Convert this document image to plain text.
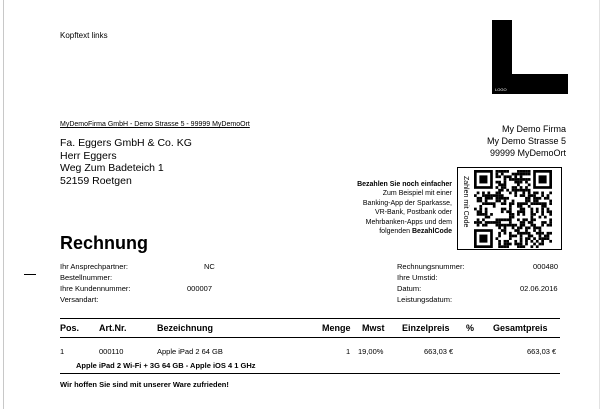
Kopftext links
LOGO
MyDemoFirma GmbH - Demo Strasse 5 - 99999 MyDemoOrt
Fa. Eggers GmbH & Co. KG
Herr Eggers
Weg Zum Badeteich 1
52159 Roetgen
My Demo Firma
My Demo Strasse 5
99999 MyDemoOrt
Bezahlen Sie noch einfacher
Zum Beispiel mit einer
Banking-App der Sparkasse,
VR-Bank, Postbank oder
Mehrbanken-Apps und dem
folgenden BezahlCode
Zahlen mit Code
Rechnung
Ihr Ansprechpartner:	NC
Bestellnummer:
Ihre Kundennummer:	000007
Versandart:
Rechnungsnummer:	000480
Ihre Umstid:
Datum:	02.06.2016
Leistungsdatum:
Pos. Art.Nr.	Bezeichnung	Menge Mwst Einzelpreis % Gesamtpreis
1	000110	Apple iPad 2 64 GB	1 19,00%	663,03 €	663,03 €
Apple iPad 2 Wi-Fi + 3G 64 GB - Apple iOS 4 1 GHz
Wir hoffen Sie sind mit unserer Ware zufrieden!
